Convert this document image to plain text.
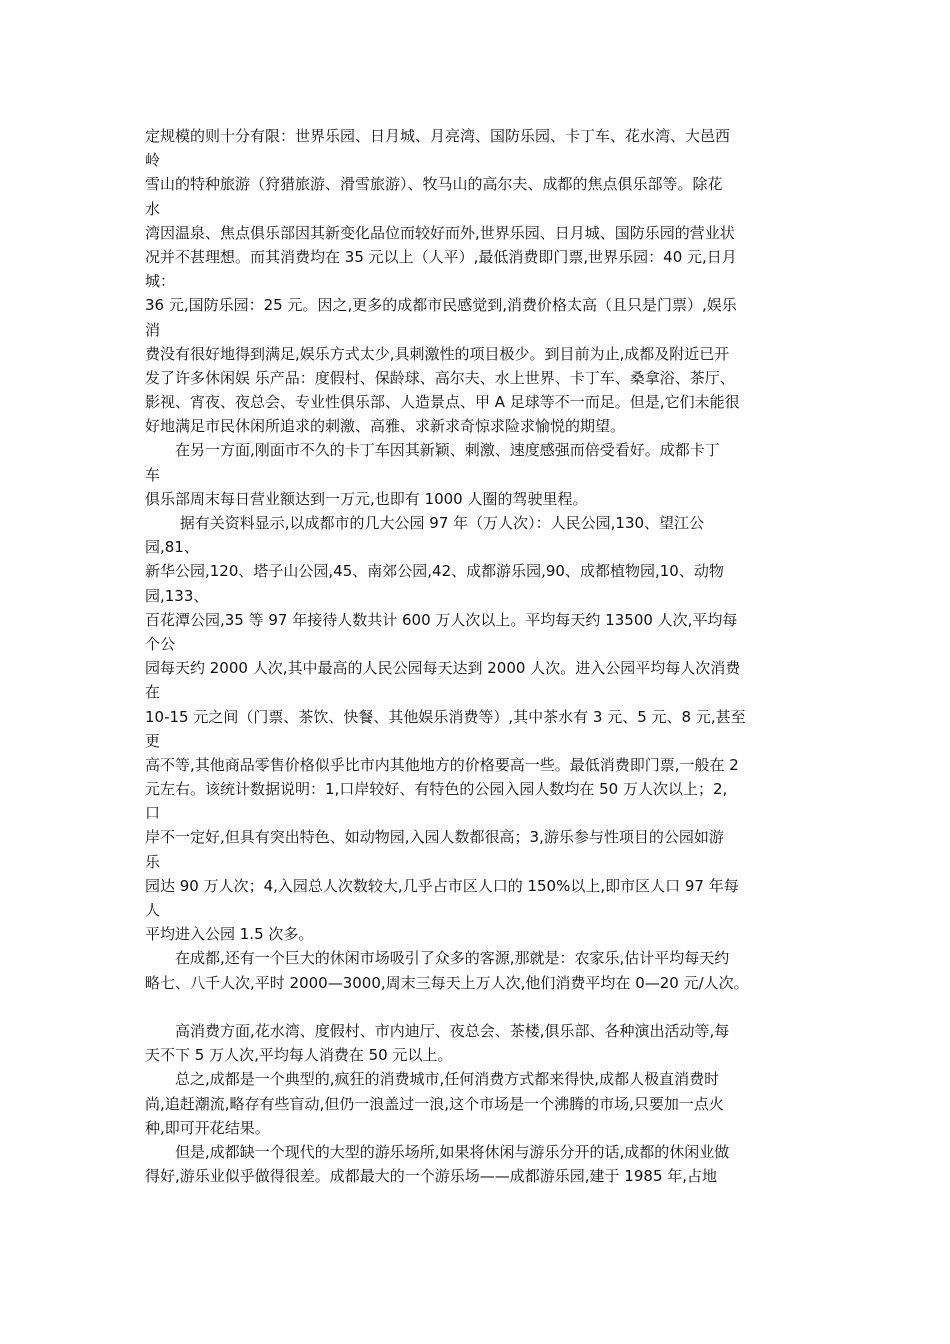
定规模的则十分有限：世界乐园、日月城、月亮湾、国防乐园、卡丁车、花水湾、大邑西
岭
雪山的特种旅游（狩猎旅游、滑雪旅游）、牧马山的高尔夫、成都的焦点俱乐部等。除花
水
湾因温泉、焦点俱乐部因其新变化品位而较好而外,世界乐园、日月城、国防乐园的营业状
况并不甚理想。而其消费均在 35 元以上（人平）,最低消费即门票,世界乐园：40 元,日月
城：
36 元,国防乐园：25 元。因之,更多的成都市民感觉到,消费价格太高（且只是门票）,娱乐
消
费没有很好地得到满足,娱乐方式太少,具刺激性的项目极少。到目前为止,成都及附近已开
发了许多休闲娱 乐产品：度假村、保龄球、高尔夫、水上世界、卡丁车、桑拿浴、茶厅、
影视、宵夜、夜总会、专业性俱乐部、人造景点、甲 A 足球等不一而足。但是,它们未能很
好地满足市民休闲所追求的刺激、高雅、求新求奇惊求险求愉悦的期望。
　　在另一方面,刚面市不久的卡丁车因其新颖、刺激、速度感强而倍受看好。成都卡丁
车
俱乐部周末每日营业额达到一万元,也即有 1000 人圈的驾驶里程。
　　 据有关资料显示,以成都市的几大公园 97 年（万人次）：人民公园,130、望江公
园,81、
新华公园,120、塔子山公园,45、南郊公园,42、成都游乐园,90、成都植物园,10、动物
园,133、
百花潭公园,35 等 97 年接待人数共计 600 万人次以上。平均每天约 13500 人次,平均每
个公
园每天约 2000 人次,其中最高的人民公园每天达到 2000 人次。进入公园平均每人次消费
在
10-15 元之间（门票、茶饮、快餐、其他娱乐消费等）,其中茶水有 3 元、5 元、8 元,甚至
更
高不等,其他商品零售价格似乎比市内其他地方的价格要高一些。最低消费即门票,一般在 2
元左右。该统计数据说明：1,口岸较好、有特色的公园入园人数均在 50 万人次以上；2,
口
岸不一定好,但具有突出特色、如动物园,入园人数都很高；3,游乐参与性项目的公园如游
乐
园达 90 万人次；4,入园总人次数较大,几乎占市区人口的 150%以上,即市区人口 97 年每
人
平均进入公园 1.5 次多。
　　在成都,还有一个巨大的休闲市场吸引了众多的客源,那就是：农家乐,估计平均每天约
略七、八千人次,平时 2000—3000,周末三每天上万人次,他们消费平均在 0—20 元/人次。
　　高消费方面,花水湾、度假村、市内迪厅、夜总会、茶楼,俱乐部、各种演出活动等,每
天不下 5 万人次,平均每人消费在 50 元以上。
　　总之,成都是一个典型的,疯狂的消费城市,任何消费方式都来得快,成都人极直消费时
尚,追赶潮流,略存有些盲动,但仍一浪盖过一浪,这个市场是一个沸腾的市场,只要加一点火
种,即可开花结果。
　　但是,成都缺一个现代的大型的游乐场所,如果将休闲与游乐分开的话,成都的休闲业做
得好,游乐业似乎做得很差。成都最大的一个游乐场——成都游乐园,建于 1985 年,占地
